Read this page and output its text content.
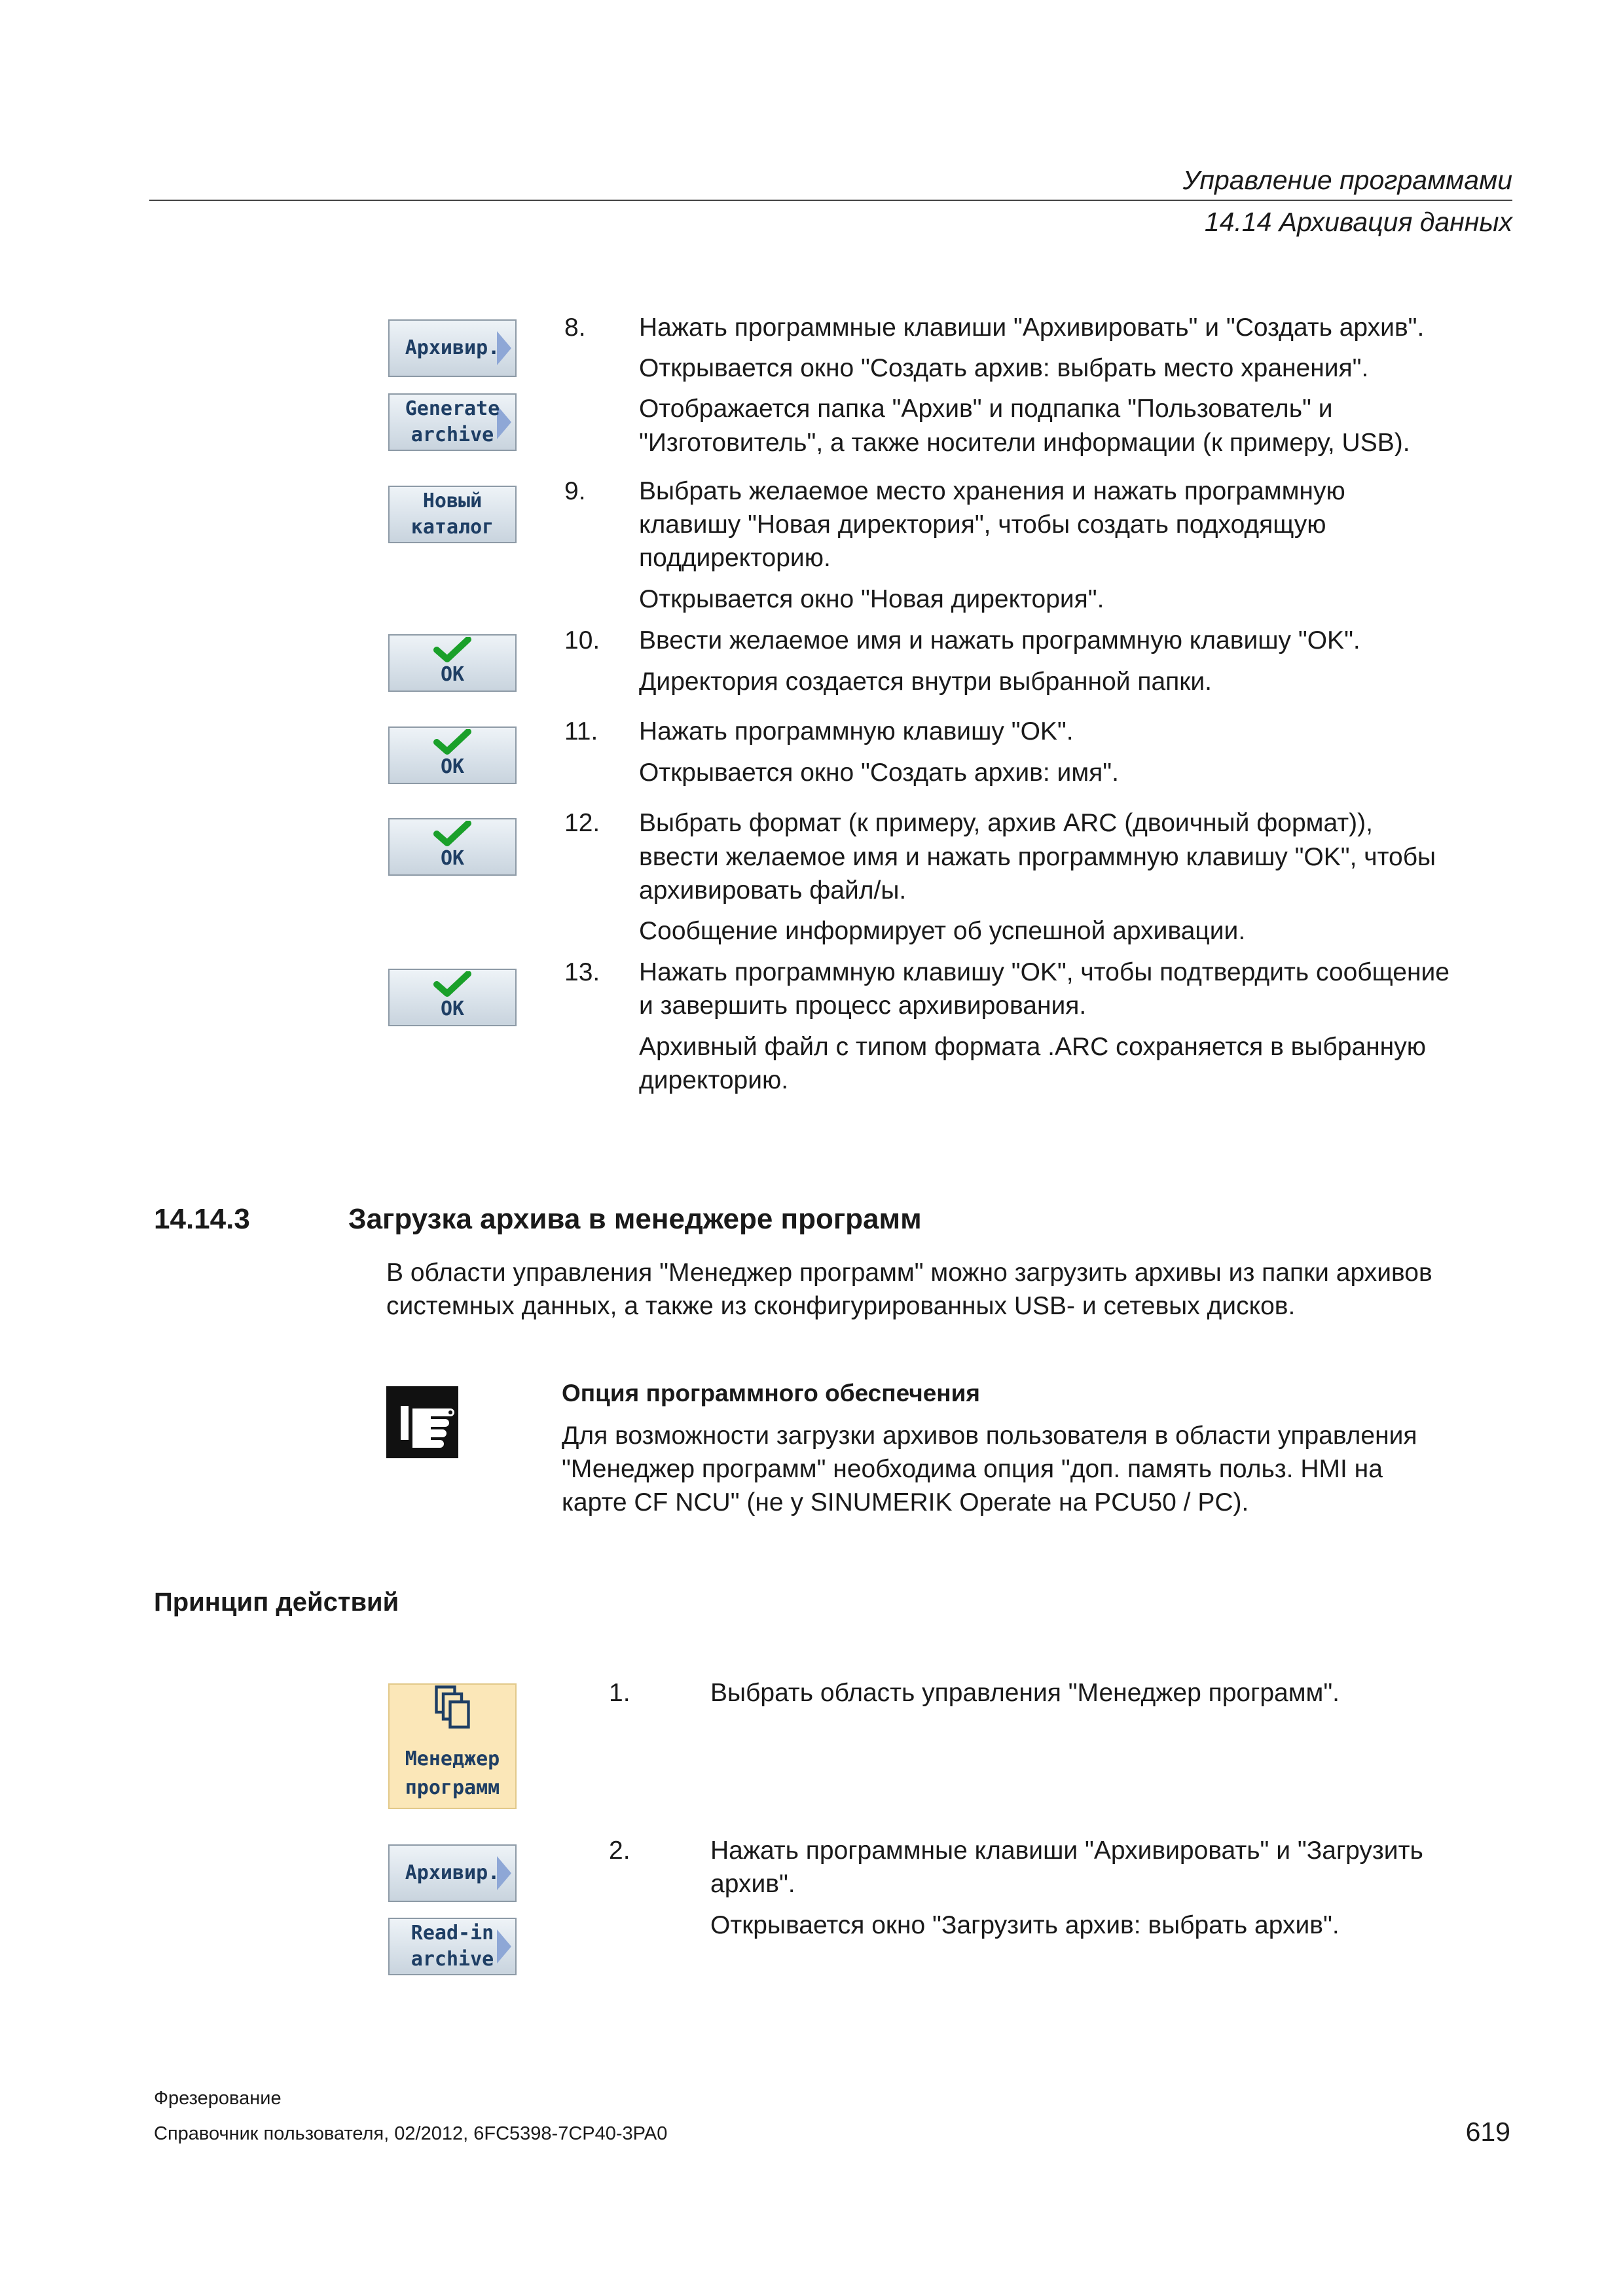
Управление программами
14.14 Архивация данных
Архивир.
Generate
archive
Новый
каталог
OK
OK
OK
OK
8. Нажать программные клавиши "Архивировать" и "Создать архив".
Открывается окно "Создать архив: выбрать место хранения".
Отображается папка "Архив" и подпапка "Пользователь" и
"Изготовитель", а также носители информации (к примеру, USB).
9. Выбрать желаемое место хранения и нажать программную
клавишу "Новая директория", чтобы создать подходящую
поддиректорию.
Открывается окно "Новая директория".
10. Ввести желаемое имя и нажать программную клавишу "OK".
Директория создается внутри выбранной папки.
11. Нажать программную клавишу "OK".
Открывается окно "Создать архив: имя".
12. Выбрать формат (к примеру, архив ARC (двоичный формат)),
ввести желаемое имя и нажать программную клавишу "OK", чтобы
архивировать файл/ы.
Сообщение информирует об успешной архивации.
13. Нажать программную клавишу "OK", чтобы подтвердить сообщение
и завершить процесс архивирования.
Архивный файл с типом формата .ARC сохраняется в выбранную
директорию.
14.14.3	Загрузка архива в менеджере программ
В области управления "Менеджер программ" можно загрузить архивы из папки архивов
системных данных, а также из сконфигурированных USB- и сетевых дисков.
Опция программного обеспечения
Для возможности загрузки архивов пользователя в области управления
"Менеджер программ" необходима опция "доп. память польз. HMI на
карте CF NCU" (не у SINUMERIK Operate на PCU50 / PC).
Принцип действий
Менеджер
программ
Архивир.
Read-in
archive
1.	Выбрать область управления "Менеджер программ".
2.	Нажать программные клавиши "Архивировать" и "Загрузить
архив".
Открывается окно "Загрузить архив: выбрать архив".
Фрезерование
Справочник пользователя, 02/2012, 6FC5398-7CP40-3PA0	619
